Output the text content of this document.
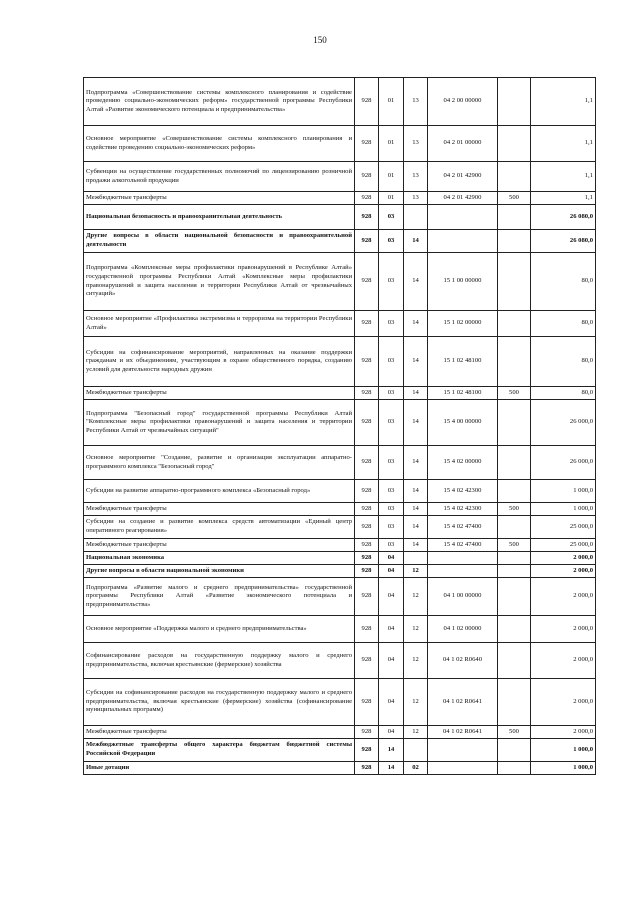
150
Подпрограмма «Совершенствование системы комплексного планирования и содействие проведению социально-экономических реформ» государственной программы Республики Алтай «Развитие экономического потенциала и предпринимательства»	928	01	13	04 2 00 00000		1,1
Основное мероприятие «Совершенствование системы комплексного планирования и содействие проведению социально-экономических реформ»	928	01	13	04 2 01 00000		1,1
Субвенции на осуществление государственных полномочий по лицензированию розничной продажи алкогольной продукции	928	01	13	04 2 01 42900		1,1
Межбюджетные трансферты	928	01	13	04 2 01 42900	500	1,1
Национальная безопасность и правоохранительная деятельность	928	03				26 080,0
Другие вопросы в области национальной безопасности и правоохранительной деятельности	928	03	14			26 080,0
Подпрограмма «Комплексные меры профилактики правонарушений в Республике Алтай» государственной программы Республики Алтай «Комплексные меры профилактики правонарушений и защита населения и территории Республики Алтай от чрезвычайных ситуаций»	928	03	14	15 1 00 00000		80,0
Основное мероприятие «Профилактика экстремизма и терроризма на территории Республики Алтай»	928	03	14	15 1 02 00000		80,0
Субсидии на софинансирование мероприятий, направленных на оказание поддержки гражданам и их объединениям, участвующим в охране общественного порядка, созданию условий для деятельности народных дружин	928	03	14	15 1 02 48100		80,0
Межбюджетные трансферты	928	03	14	15 1 02 48100	500	80,0
Подпрограмма "Безопасный город" государственной программы Республики Алтай "Комплексные меры профилактики правонарушений и защита населения и территории Республики Алтай от чрезвычайных ситуаций"	928	03	14	15 4 00 00000		26 000,0
Основное мероприятие "Создание, развитие и организация эксплуатации аппаратно-программного комплекса "Безопасный город"	928	03	14	15 4 02 00000		26 000,0
Субсидии на развитие аппаратно-программного комплекса «Безопасный город»	928	03	14	15 4 02 42300		1 000,0
Межбюджетные трансферты	928	03	14	15 4 02 42300	500	1 000,0
Субсидии на создание и развитие комплекса средств автоматизации «Единый центр оперативного реагирования»	928	03	14	15 4 02 47400		25 000,0
Межбюджетные трансферты	928	03	14	15 4 02 47400	500	25 000,0
Национальная экономика	928	04				2 000,0
Другие вопросы в области национальной экономики	928	04	12			2 000,0
Подпрограмма «Развитие малого и среднего предпринимательства» государственной программы Республики Алтай «Развитие экономического потенциала и предпринимательства»	928	04	12	04 1 00 00000		2 000,0
Основное мероприятие «Поддержка малого и среднего предпринимательства»	928	04	12	04 1 02 00000		2 000,0
Софинансирование расходов на государственную поддержку малого и среднего предпринимательства, включая крестьянские (фермерские) хозяйства	928	04	12	04 1 02 R0640		2 000,0
Субсидии на софинансирование расходов на государственную поддержку малого и среднего предпринимательства, включая крестьянские (фермерские) хозяйства (софинансирование муниципальных программ)	928	04	12	04 1 02 R0641		2 000,0
Межбюджетные трансферты	928	04	12	04 1 02 R0641	500	2 000,0
Межбюджетные трансферты общего характера бюджетам бюджетной системы Российской Федерации	928	14				1 000,0
Иные дотации	928	14	02			1 000,0
